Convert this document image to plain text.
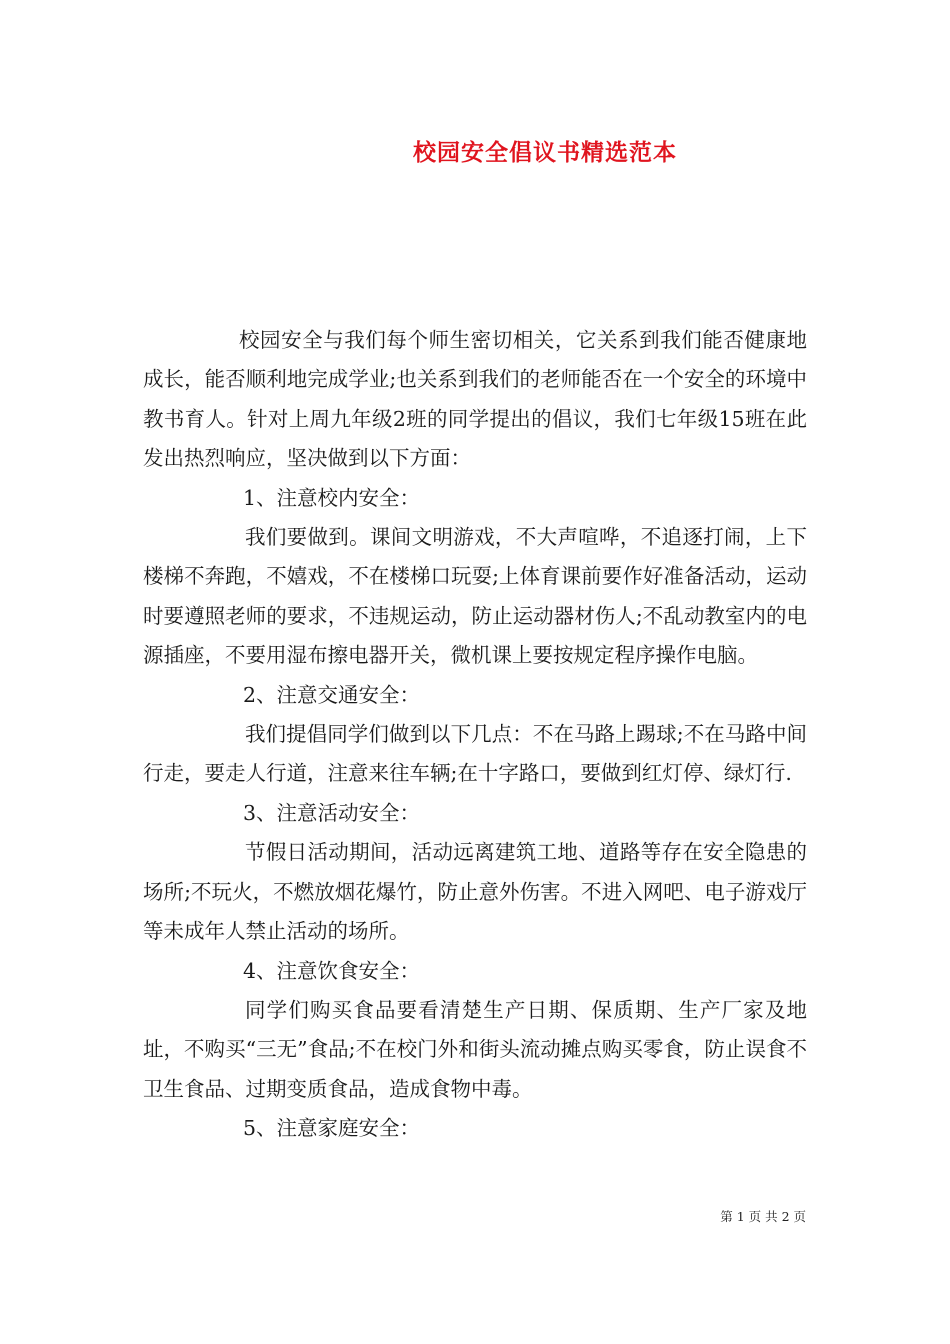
校园安全倡议书精选范本

校园安全与我们每个师生密切相关，它关系到我们能否健康地成长，能否顺利地完成学业;也关系到我们的老师能否在一个安全的环境中教书育人。针对上周九年级2班的同学提出的倡议，我们七年级15班在此发出热烈响应，坚决做到以下方面：

1、注意校内安全：

我们要做到。课间文明游戏，不大声喧哗，不追逐打闹，上下楼梯不奔跑，不嬉戏，不在楼梯口玩耍;上体育课前要作好准备活动，运动时要遵照老师的要求，不违规运动，防止运动器材伤人;不乱动教室内的电源插座，不要用湿布擦电器开关，微机课上要按规定程序操作电脑。

2、注意交通安全：

我们提倡同学们做到以下几点：不在马路上踢球;不在马路中间行走，要走人行道，注意来往车辆;在十字路口，要做到红灯停、绿灯行.

3、注意活动安全：

节假日活动期间，活动远离建筑工地、道路等存在安全隐患的场所;不玩火，不燃放烟花爆竹，防止意外伤害。不进入网吧、电子游戏厅等未成年人禁止活动的场所。

4、注意饮食安全：

同学们购买食品要看清楚生产日期、保质期、生产厂家及地址，不购买“三无”食品;不在校门外和街头流动摊点购买零食，防止误食不卫生食品、过期变质食品，造成食物中毒。

5、注意家庭安全：

第 1 页 共 2 页
